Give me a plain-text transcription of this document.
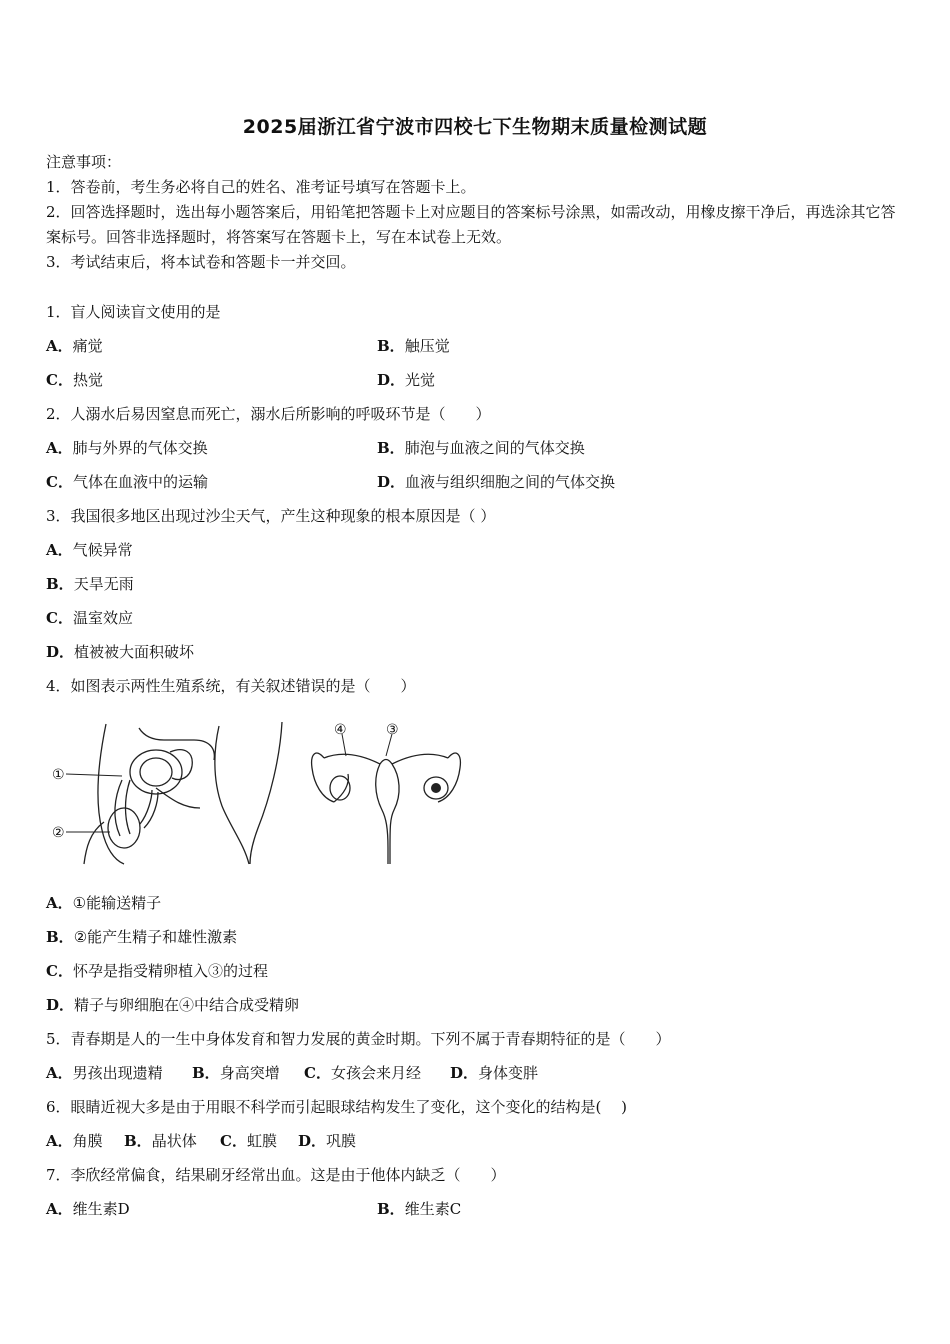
2025届浙江省宁波市四校七下生物期末质量检测试题
注意事项：
1．答卷前，考生务必将自己的姓名、准考证号填写在答题卡上。
2．回答选择题时，选出每小题答案后，用铅笔把答题卡上对应题目的答案标号涂黑，如需改动，用橡皮擦干净后，再选涂其它答案标号。回答非选择题时，将答案写在答题卡上，写在本试卷上无效。
3．考试结束后，将本试卷和答题卡一并交回。
1．盲人阅读盲文使用的是
A．痛觉	B．触压觉
C．热觉	D．光觉
2．人溺水后易因窒息而死亡，溺水后所影响的呼吸环节是（　　）
A．肺与外界的气体交换	B．肺泡与血液之间的气体交换
C．气体在血液中的运输	D．血液与组织细胞之间的气体交换
3．我国很多地区出现过沙尘天气，产生这种现象的根本原因是（ ）
A．气候异常
B．天旱无雨
C．温室效应
D．植被被大面积破坏
4．如图表示两性生殖系统，有关叙述错误的是（　　）
①
②
④	③
A．①能输送精子
B．②能产生精子和雄性激素
C．怀孕是指受精卵植入③的过程
D．精子与卵细胞在④中结合成受精卵
5．青春期是人的一生中身体发育和智力发展的黄金时期。下列不属于青春期特征的是（　　）
A．男孩出现遗精 B．身高突增 C．女孩会来月经 D．身体变胖
6．眼睛近视大多是由于用眼不科学而引起眼球结构发生了变化，这个变化的结构是(　 )
A．角膜 B．晶状体 C．虹膜 D．巩膜
7．李欣经常偏食，结果刷牙经常出血。这是由于他体内缺乏（　　）
A．维生素D	B．维生素C
